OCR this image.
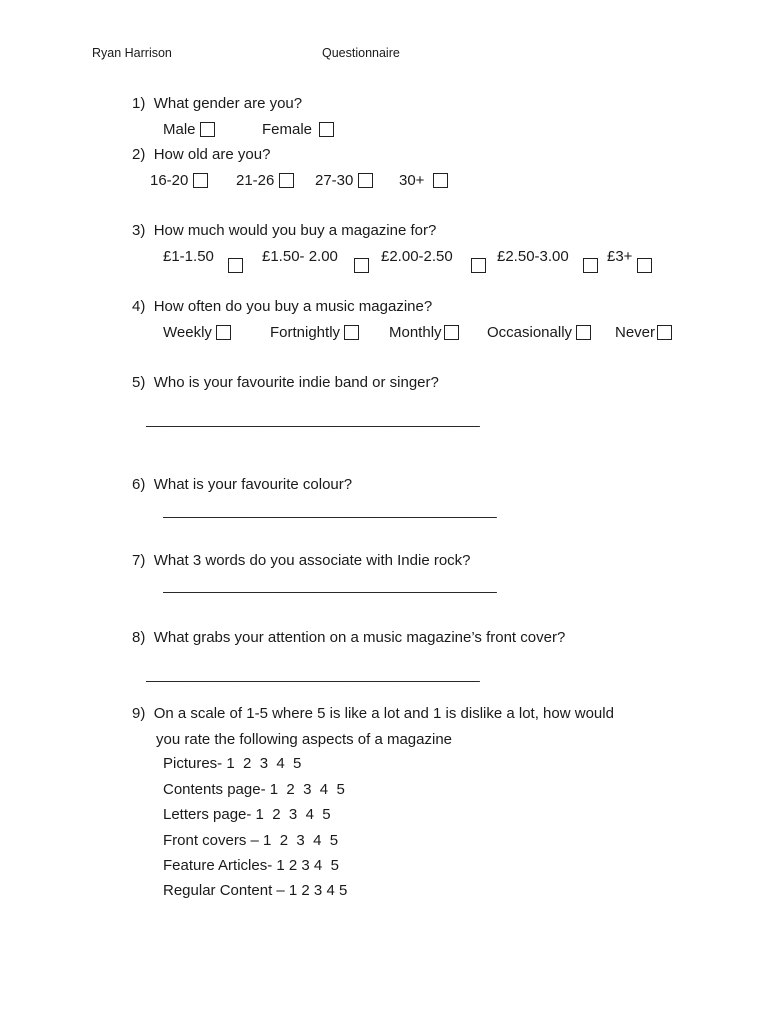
Ryan Harrison	Questionnaire
1) What gender are you?
Male	Female
2) How old are you?
16-20	21-26	27-30	30+
3) How much would you buy a magazine for?
£1-1.50	£1.50- 2.00	£2.00-2.50	£2.50-3.00	£3+
4) How often do you buy a music magazine?
Weekly	Fortnightly	Monthly	Occasionally	Never
5) Who is your favourite indie band or singer?
________________________________________
6) What is your favourite colour?
________________________________________
7) What 3 words do you associate with Indie rock?
________________________________________
8) What grabs your attention on a music magazine’s front cover?
________________________________________
9) On a scale of 1-5 where 5 is like a lot and 1 is dislike a lot, how would
you rate the following aspects of a magazine
Pictures- 1  2  3  4  5
Contents page- 1  2  3  4  5
Letters page- 1  2  3  4  5
Front covers – 1  2  3  4  5
Feature Articles- 1 2 3 4  5
Regular Content – 1 2 3 4 5
